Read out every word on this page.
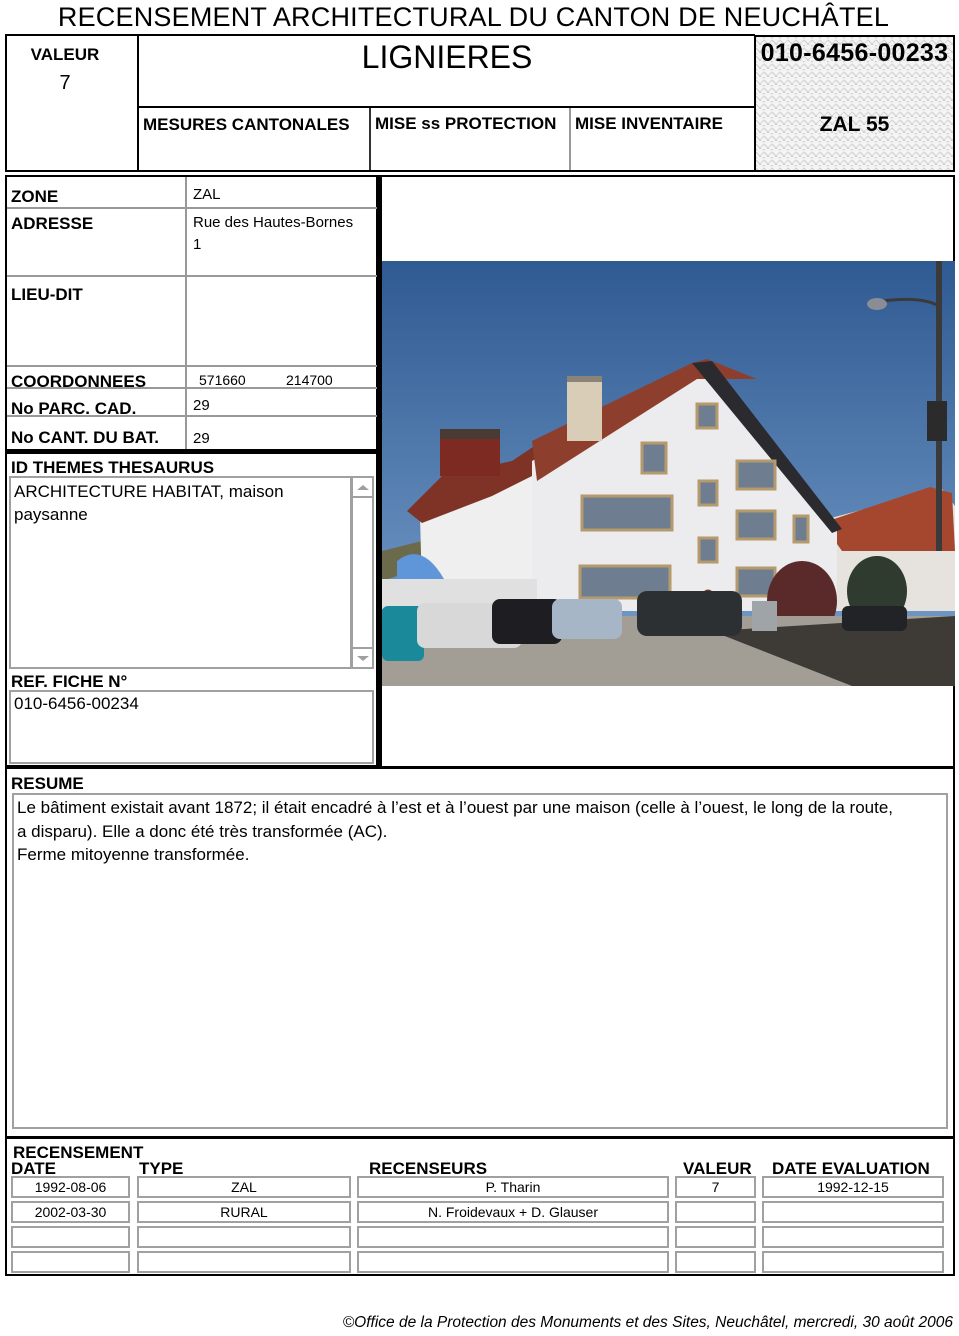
RECENSEMENT ARCHITECTURAL DU CANTON DE NEUCHÂTEL
VALEUR
7
LIGNIERES
MESURES CANTONALES	MISE ss PROTECTION	MISE INVENTAIRE
010-6456-00233
ZAL 55
ZONE	ZAL
ADRESSE	Rue des Hautes-Bornes
1
LIEU-DIT
COORDONNEES	571660	214700
No PARC. CAD.	29
No CANT. DU BAT. 29
ID THEMES THESAURUS
ARCHITECTURE HABITAT, maison
paysanne
REF. FICHE N°
010-6456-00234
RESUME
Le bâtiment existait avant 1872; il était encadré à l’est et à l’ouest par une maison (celle à l’ouest, le long de la route,
a disparu). Elle a donc été très transformée (AC).
Ferme mitoyenne transformée.
RECENSEMENT
DATE	TYPE	RECENSEURS	VALEUR DATE EVALUATION
1992-08-06	ZAL	P. Tharin	7	1992-12-15
2002-03-30	RURAL	N. Froidevaux + D. Glauser
©Office de la Protection des Monuments et des Sites, Neuchâtel, mercredi, 30 août 2006
